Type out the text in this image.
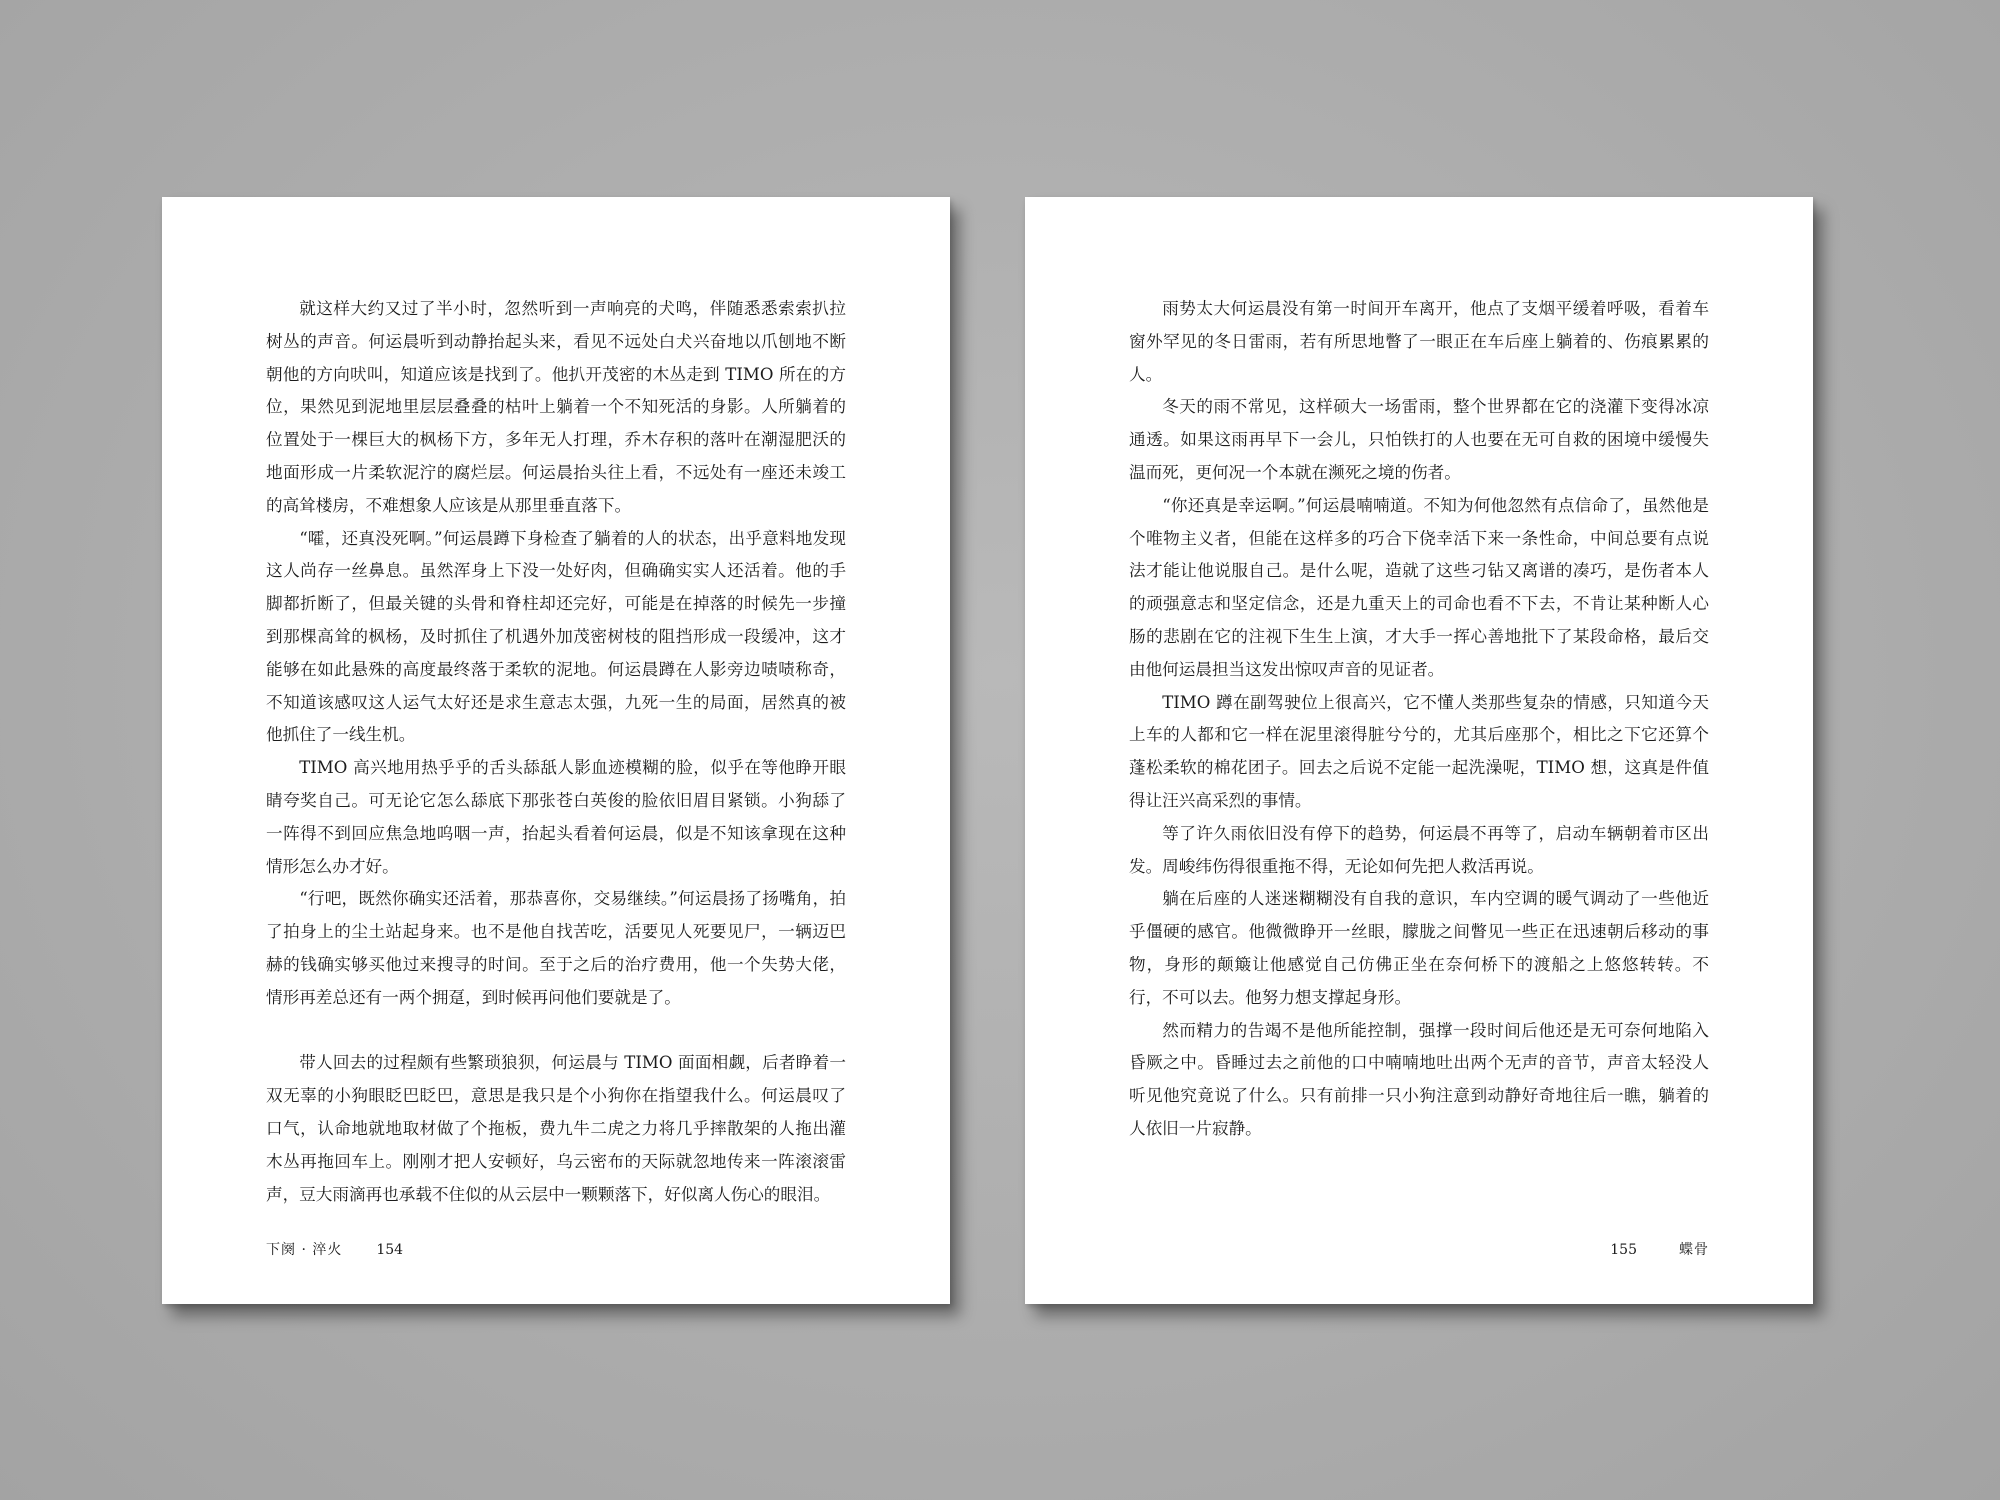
就这样大约又过了半小时，忽然听到一声响亮的犬鸣，伴随悉悉索索扒拉树丛的声音。何运晨听到动静抬起头来，看见不远处白犬兴奋地以爪刨地不断朝他的方向吠叫，知道应该是找到了。他扒开茂密的木丛走到 TIMO 所在的方位，果然见到泥地里层层叠叠的枯叶上躺着一个不知死活的身影。人所躺着的位置处于一棵巨大的枫杨下方，多年无人打理，乔木存积的落叶在潮湿肥沃的地面形成一片柔软泥泞的腐烂层。何运晨抬头往上看，不远处有一座还未竣工的高耸楼房，不难想象人应该是从那里垂直落下。

“嚯，还真没死啊。”何运晨蹲下身检查了躺着的人的状态，出乎意料地发现这人尚存一丝鼻息。虽然浑身上下没一处好肉，但确确实实人还活着。他的手脚都折断了，但最关键的头骨和脊柱却还完好，可能是在掉落的时候先一步撞到那棵高耸的枫杨，及时抓住了机遇外加茂密树枝的阻挡形成一段缓冲，这才能够在如此悬殊的高度最终落于柔软的泥地。何运晨蹲在人影旁边啧啧称奇，不知道该感叹这人运气太好还是求生意志太强，九死一生的局面，居然真的被他抓住了一线生机。

TIMO 高兴地用热乎乎的舌头舔舐人影血迹模糊的脸，似乎在等他睁开眼睛夸奖自己。可无论它怎么舔底下那张苍白英俊的脸依旧眉目紧锁。小狗舔了一阵得不到回应焦急地呜咽一声，抬起头看着何运晨，似是不知该拿现在这种情形怎么办才好。

“行吧，既然你确实还活着，那恭喜你，交易继续。”何运晨扬了扬嘴角，拍了拍身上的尘土站起身来。也不是他自找苦吃，活要见人死要见尸，一辆迈巴赫的钱确实够买他过来搜寻的时间。至于之后的治疗费用，他一个失势大佬，情形再差总还有一两个拥趸，到时候再问他们要就是了。

带人回去的过程颇有些繁琐狼狈，何运晨与 TIMO 面面相觑，后者睁着一双无辜的小狗眼眨巴眨巴，意思是我只是个小狗你在指望我什么。何运晨叹了口气，认命地就地取材做了个拖板，费九牛二虎之力将几乎摔散架的人拖出灌木丛再拖回车上。刚刚才把人安顿好，乌云密布的天际就忽地传来一阵滚滚雷声，豆大雨滴再也承载不住似的从云层中一颗颗落下，好似离人伤心的眼泪。

下阕 · 淬火 154

雨势太大何运晨没有第一时间开车离开，他点了支烟平缓着呼吸，看着车窗外罕见的冬日雷雨，若有所思地瞥了一眼正在车后座上躺着的、伤痕累累的人。

冬天的雨不常见，这样硕大一场雷雨，整个世界都在它的浇灌下变得冰凉通透。如果这雨再早下一会儿，只怕铁打的人也要在无可自救的困境中缓慢失温而死，更何况一个本就在濒死之境的伤者。

“你还真是幸运啊。”何运晨喃喃道。不知为何他忽然有点信命了，虽然他是个唯物主义者，但能在这样多的巧合下侥幸活下来一条性命，中间总要有点说法才能让他说服自己。是什么呢，造就了这些刁钻又离谱的凑巧，是伤者本人的顽强意志和坚定信念，还是九重天上的司命也看不下去，不肯让某种断人心肠的悲剧在它的注视下生生上演，才大手一挥心善地批下了某段命格，最后交由他何运晨担当这发出惊叹声音的见证者。

TIMO 蹲在副驾驶位上很高兴，它不懂人类那些复杂的情感，只知道今天上车的人都和它一样在泥里滚得脏兮兮的，尤其后座那个，相比之下它还算个蓬松柔软的棉花团子。回去之后说不定能一起洗澡呢，TIMO 想，这真是件值得让汪兴高采烈的事情。

等了许久雨依旧没有停下的趋势，何运晨不再等了，启动车辆朝着市区出发。周峻纬伤得很重拖不得，无论如何先把人救活再说。

躺在后座的人迷迷糊糊没有自我的意识，车内空调的暖气调动了一些他近乎僵硬的感官。他微微睁开一丝眼，朦胧之间瞥见一些正在迅速朝后移动的事物，身形的颠簸让他感觉自己仿佛正坐在奈何桥下的渡船之上悠悠转转。不行，不可以去。他努力想支撑起身形。

然而精力的告竭不是他所能控制，强撑一段时间后他还是无可奈何地陷入昏厥之中。昏睡过去之前他的口中喃喃地吐出两个无声的音节，声音太轻没人听见他究竟说了什么。只有前排一只小狗注意到动静好奇地往后一瞧，躺着的人依旧一片寂静。

155	蝶骨
